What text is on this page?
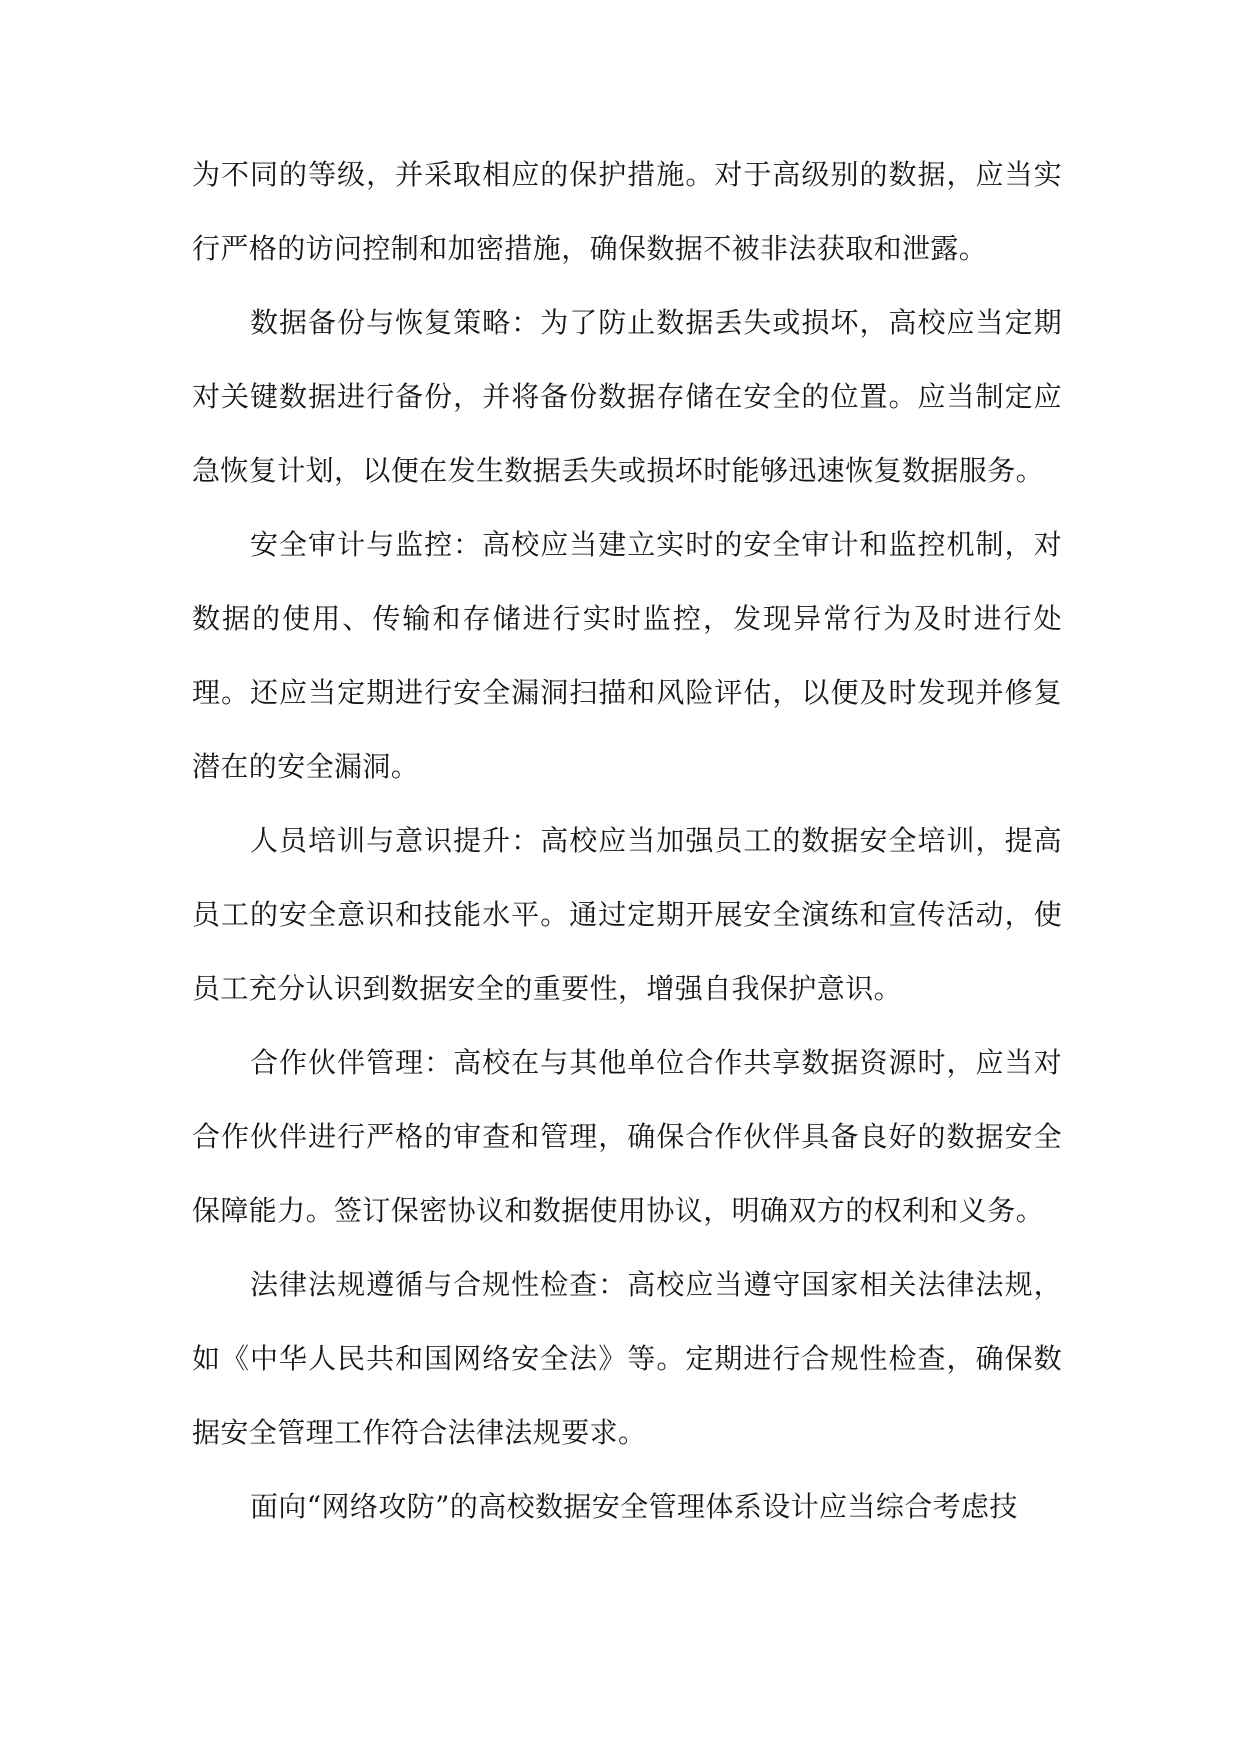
为不同的等级，并采取相应的保护措施。对于高级别的数据，应当实行严格的访问控制和加密措施，确保数据不被非法获取和泄露。

数据备份与恢复策略：为了防止数据丢失或损坏，高校应当定期对关键数据进行备份，并将备份数据存储在安全的位置。应当制定应急恢复计划，以便在发生数据丢失或损坏时能够迅速恢复数据服务。

安全审计与监控：高校应当建立实时的安全审计和监控机制，对数据的使用、传输和存储进行实时监控，发现异常行为及时进行处理。还应当定期进行安全漏洞扫描和风险评估，以便及时发现并修复潜在的安全漏洞。

人员培训与意识提升：高校应当加强员工的数据安全培训，提高员工的安全意识和技能水平。通过定期开展安全演练和宣传活动，使员工充分认识到数据安全的重要性，增强自我保护意识。

合作伙伴管理：高校在与其他单位合作共享数据资源时，应当对合作伙伴进行严格的审查和管理，确保合作伙伴具备良好的数据安全保障能力。签订保密协议和数据使用协议，明确双方的权利和义务。

法律法规遵循与合规性检查：高校应当遵守国家相关法律法规，如《中华人民共和国网络安全法》等。定期进行合规性检查，确保数据安全管理工作符合法律法规要求。

面向“网络攻防”的高校数据安全管理体系设计应当综合考虑技
